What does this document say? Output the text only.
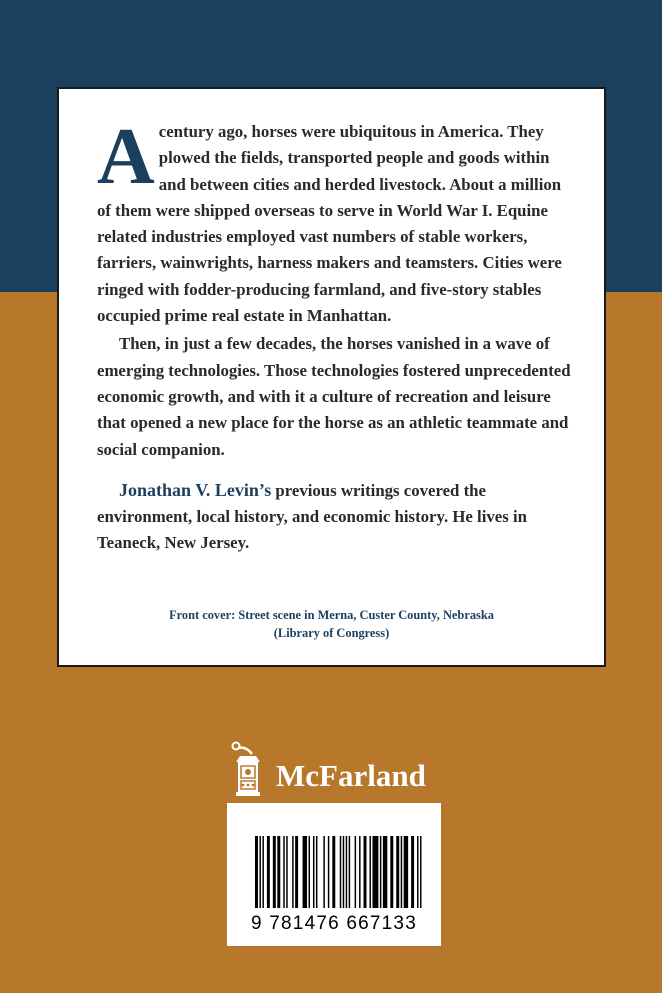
Acentury ago, horses were ubiquitous in America. They plowed the fields, transported people and goods within and between cities and herded livestock. About a million of them were shipped overseas to serve in World War I. Equine related industries employed vast numbers of stable workers, farriers, wainwrights, harness makers and teamsters. Cities were ringed with fodder-producing farmland, and five-story stables occupied prime real estate in Manhattan.

Then, in just a few decades, the horses vanished in a wave of emerging technologies. Those technologies fostered unprecedented economic growth, and with it a culture of recreation and leisure that opened a new place for the horse as an athletic teammate and social companion.

Jonathan V. Levin’s previous writings covered the environment, local history, and economic history. He lives in Teaneck, New Jersey.

Front cover: Street scene in Merna, Custer County, Nebraska
(Library of Congress)
McFarland
9 781476 667133
